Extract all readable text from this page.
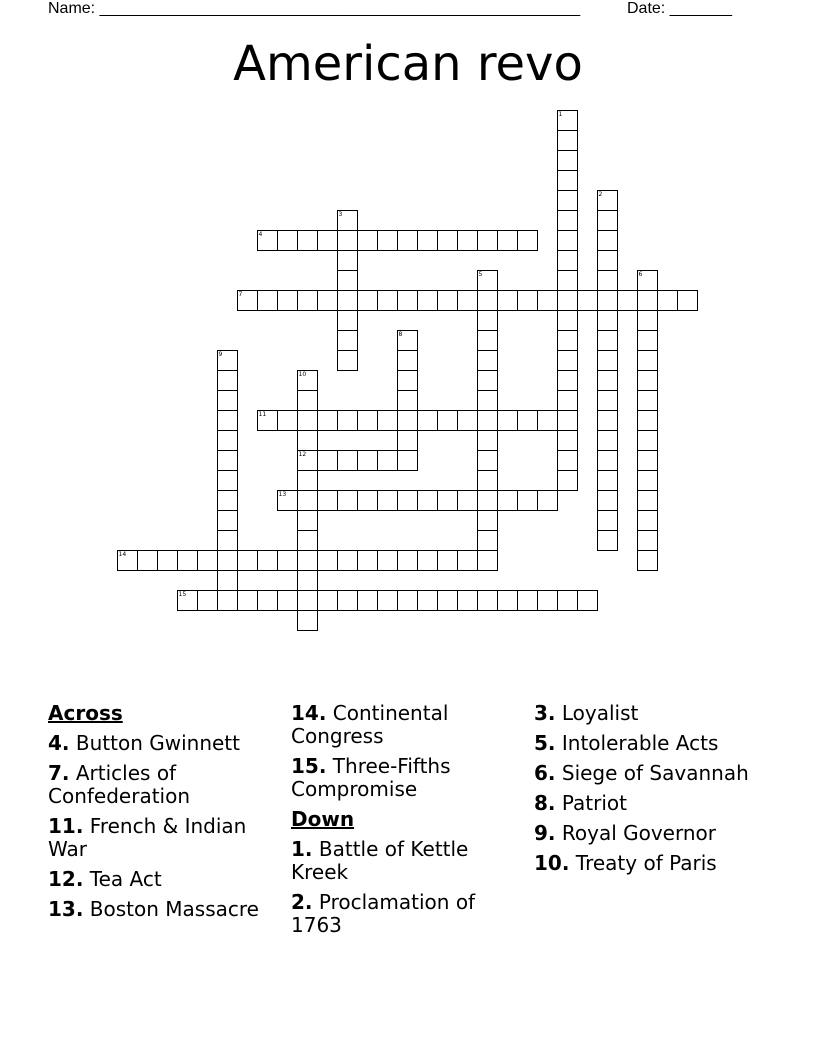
Name: ______________________________________________________	Date: _______
American revo
1
2
3
4
5	6
7
8
9
10
12
11
13
14
15
Across
4. Button Gwinnett
7. Articles of Confederation
11. French & Indian War
12. Tea Act
13. Boston Massacre
14. Continental Congress
15. Three-Fifths Compromise
Down
1. Battle of Kettle Kreek
2. Proclamation of 1763
3. Loyalist
5. Intolerable Acts
6. Siege of Savannah
8. Patriot
9. Royal Governor
10. Treaty of Paris
